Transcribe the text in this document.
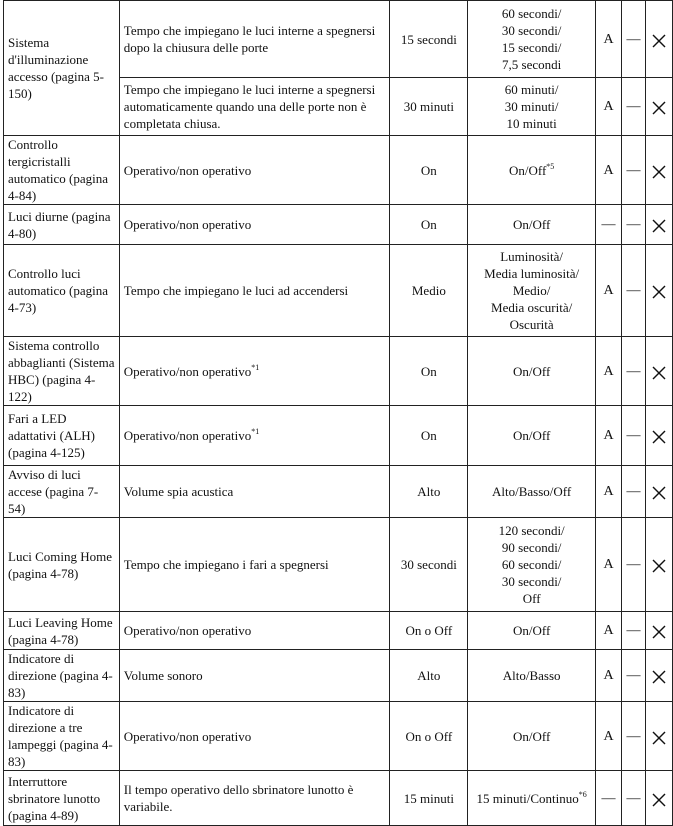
Sistema d'illuminazione accesso (pagina 5-150)	Tempo che impiegano le luci interne a spegnersi dopo la chiusura delle porte	15 secondi	60 secondi/
30 secondi/
15 secondi/
7,5 secondi	A	—	

	Tempo che impiegano le luci interne a spegnersi automaticamente quando una delle porte non è completata chiusa.	30 minuti	60 minuti/
30 minuti/
10 minuti	A	—	

Controllo tergicristalli automatico (pagina 4-84)	Operativo/non operativo	On	On/Off$^{*5}$	A	—	

Luci diurne (pagina 4-80)	Operativo/non operativo	On	On/Off	—	—	

Controllo luci automatico (pagina 4-73)	Tempo che impiegano le luci ad accendersi	Medio	Luminosità/
Media luminosità/
Medio/
Media oscurità/
Oscurità	A	—	

Sistema controllo abbaglianti (Sistema HBC) (pagina 4-122)	Operativo/non operativo$^{*1}$	On	On/Off	A	—	

Fari a LED adattativi (ALH) (pagina 4-125)	Operativo/non operativo$^{*1}$	On	On/Off	A	—	

Avviso di luci accese (pagina 7-54)	Volume spia acustica	Alto	Alto/Basso/Off	A	—	

Luci Coming Home (pagina 4-78)	Tempo che impiegano i fari a spegnersi	30 secondi	120 secondi/
90 secondi/
60 secondi/
30 secondi/
Off	A	—	

Luci Leaving Home (pagina 4-78)	Operativo/non operativo	On o Off	On/Off	A	—	

Indicatore di direzione (pagina 4-83)	Volume sonoro	Alto	Alto/Basso	A	—	

Indicatore di direzione a tre lampeggi (pagina 4-83)	Operativo/non operativo	On o Off	On/Off	A	—	

Interruttore sbrinatore lunotto (pagina 4-89)	Il tempo operativo dello sbrinatore lunotto è variabile.	15 minuti	15 minuti/Continuo$^{*6}$	—	—	
